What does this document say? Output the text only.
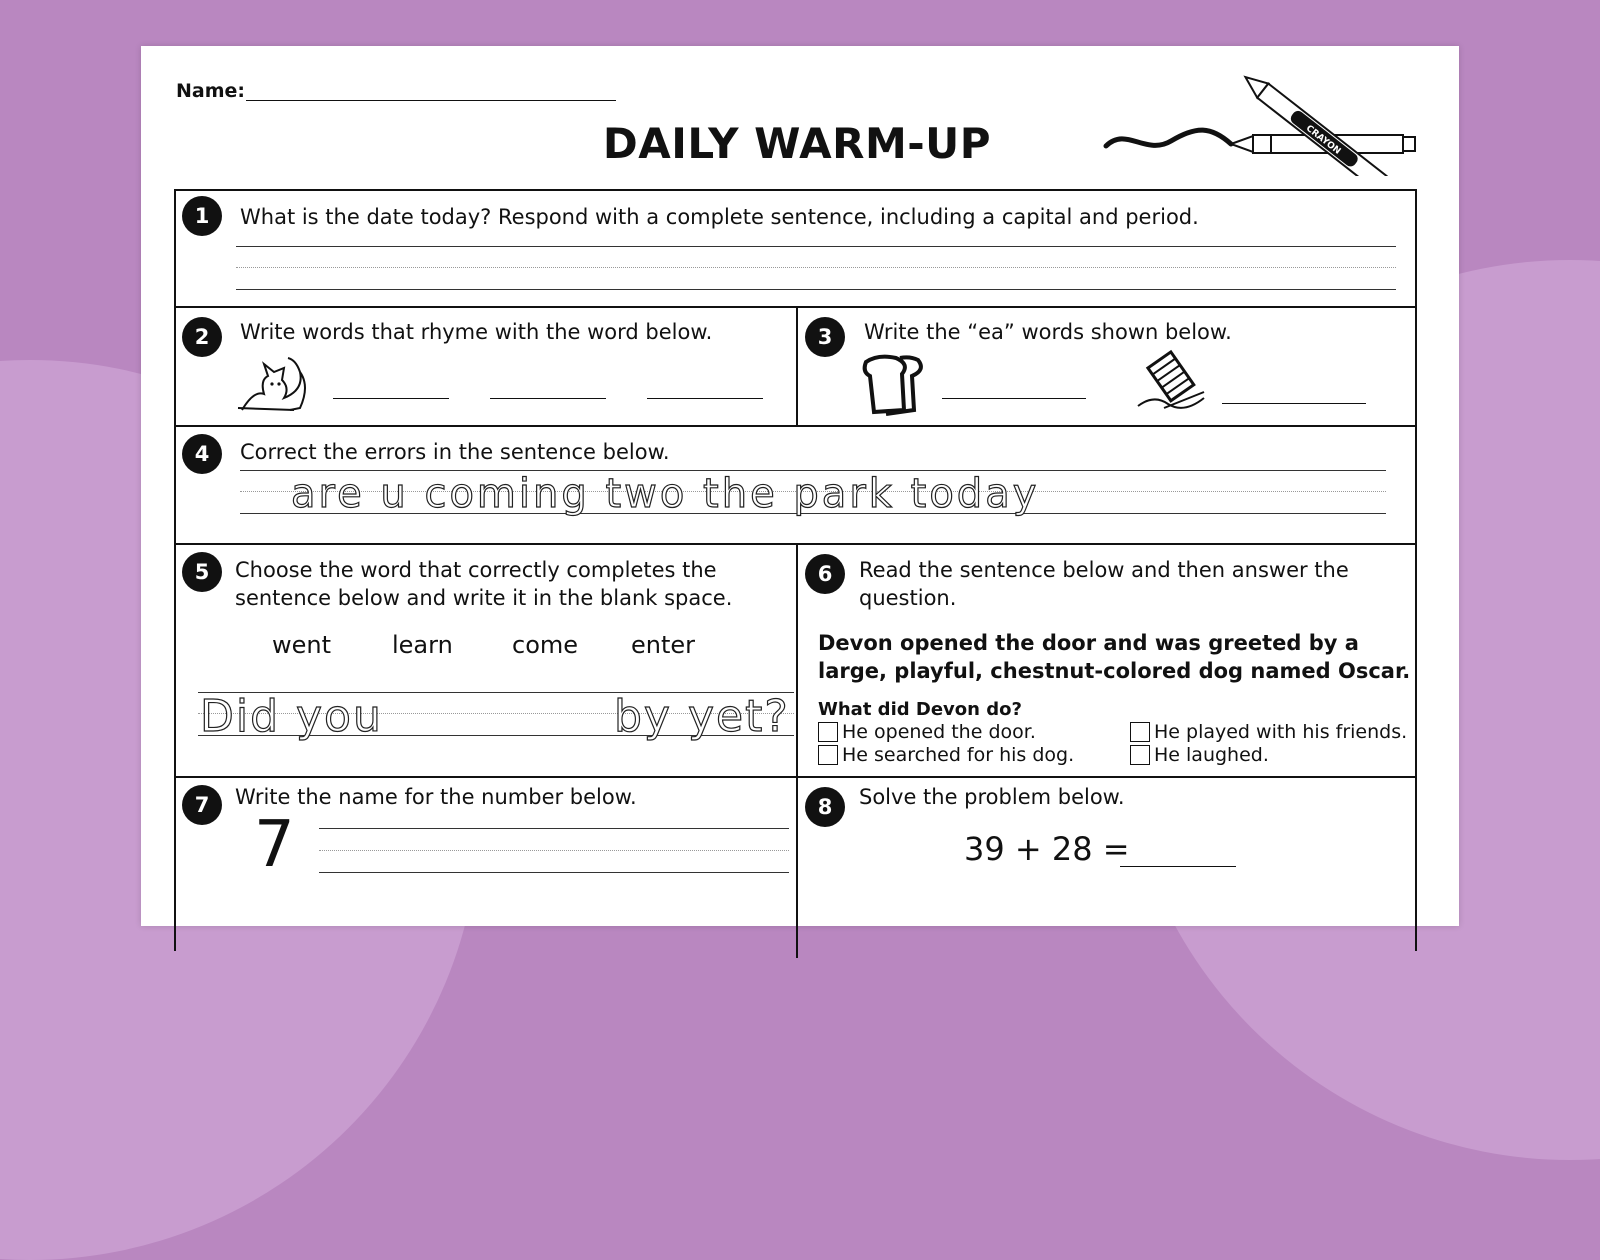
Name:
DAILY WARM-UP	CRAYON
1	What is the date today? Respond with a complete sentence, including a capital and period.
2	Write words that rhyme with the word below.	3	Write the “ea” words shown below.
4	Correct the errors in the sentence below.
are u coming two the park today
5	Choose the word that correctly completes the
sentence below and write it in the blank space.
went	learn come enter
Did you	by yet?
6	Read the sentence below and then answer the
question.
Devon opened the door and was greeted by a
large, playful, chestnut-colored dog named Oscar.
What did Devon do?
He opened the door.	He played with his friends.
He searched for his dog.	He laughed.
7	Write the name for the number below.
7
8	Solve the problem below.
39 + 28 =
